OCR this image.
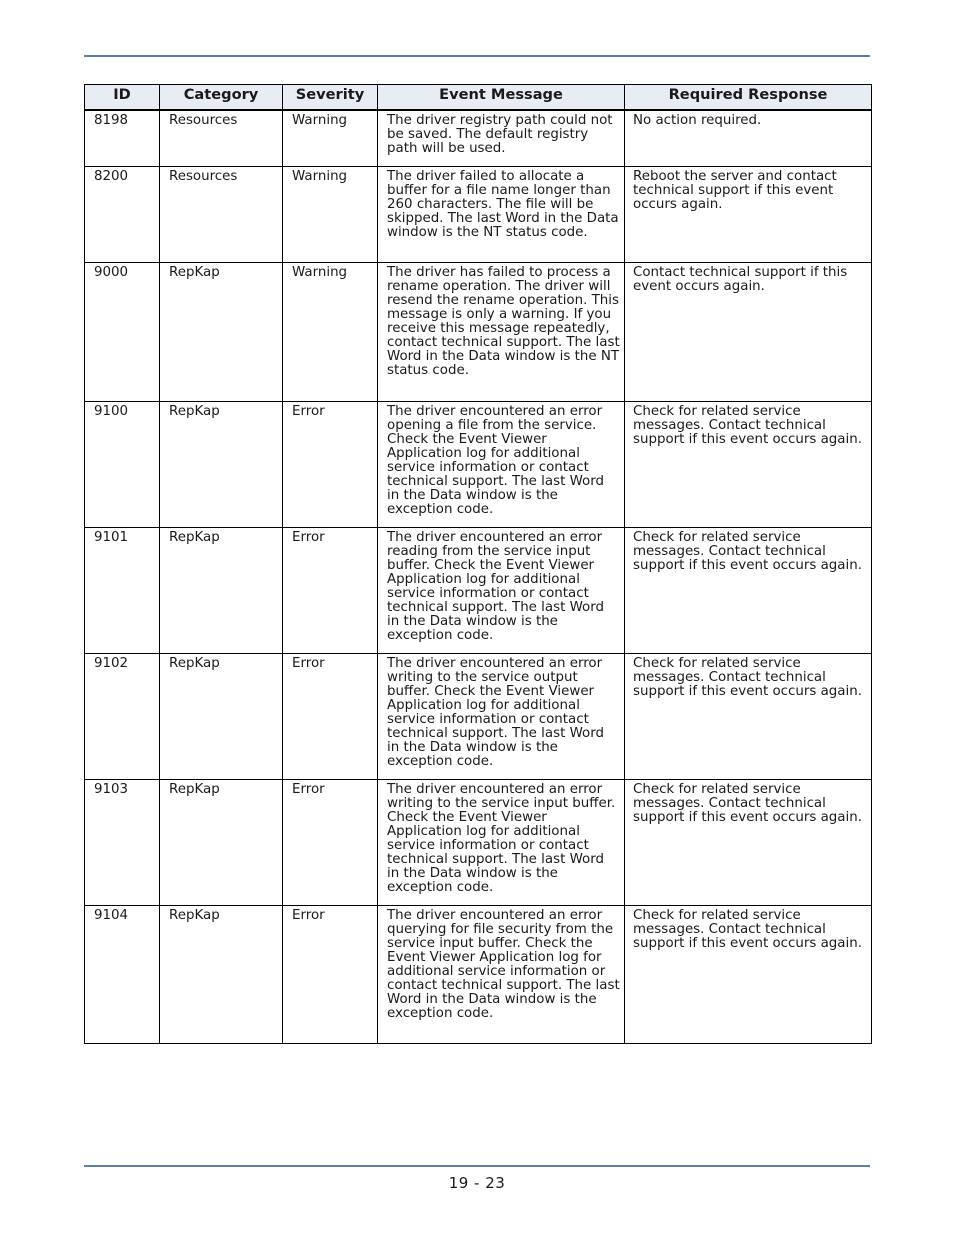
ID	Category	Severity	Event Message	Required Response
8198	Resources	Warning	The driver registry path could not be saved. The default registry path will be used.	No action required.
8200	Resources	Warning	The driver failed to allocate a buffer for a file name longer than 260 characters. The file will be skipped. The last Word in the Data window is the NT status code.	Reboot the server and contact technical support if this event occurs again.
9000	RepKap	Warning	The driver has failed to process a rename operation. The driver will resend the rename operation. This message is only a warning. If you receive this message repeatedly, contact technical support. The last Word in the Data window is the NT status code.	Contact technical support if this event occurs again.
9100	RepKap	Error	The driver encountered an error opening a file from the service. Check the Event Viewer Application log for additional service information or contact technical support. The last Word in the Data window is the exception code.	Check for related service messages. Contact technical support if this event occurs again.
9101	RepKap	Error	The driver encountered an error reading from the service input buffer. Check the Event Viewer Application log for additional service information or contact technical support. The last Word in the Data window is the exception code.	Check for related service messages. Contact technical support if this event occurs again.
9102	RepKap	Error	The driver encountered an error writing to the service output buffer. Check the Event Viewer Application log for additional service information or contact technical support. The last Word in the Data window is the exception code.	Check for related service messages. Contact technical support if this event occurs again.
9103	RepKap	Error	The driver encountered an error writing to the service input buffer. Check the Event Viewer Application log for additional service information or contact technical support. The last Word in the Data window is the exception code.	Check for related service messages. Contact technical support if this event occurs again.
9104	RepKap	Error	The driver encountered an error querying for file security from the service input buffer. Check the Event Viewer Application log for additional service information or contact technical support. The last Word in the Data window is the exception code.	Check for related service messages. Contact technical support if this event occurs again.
19 - 23
